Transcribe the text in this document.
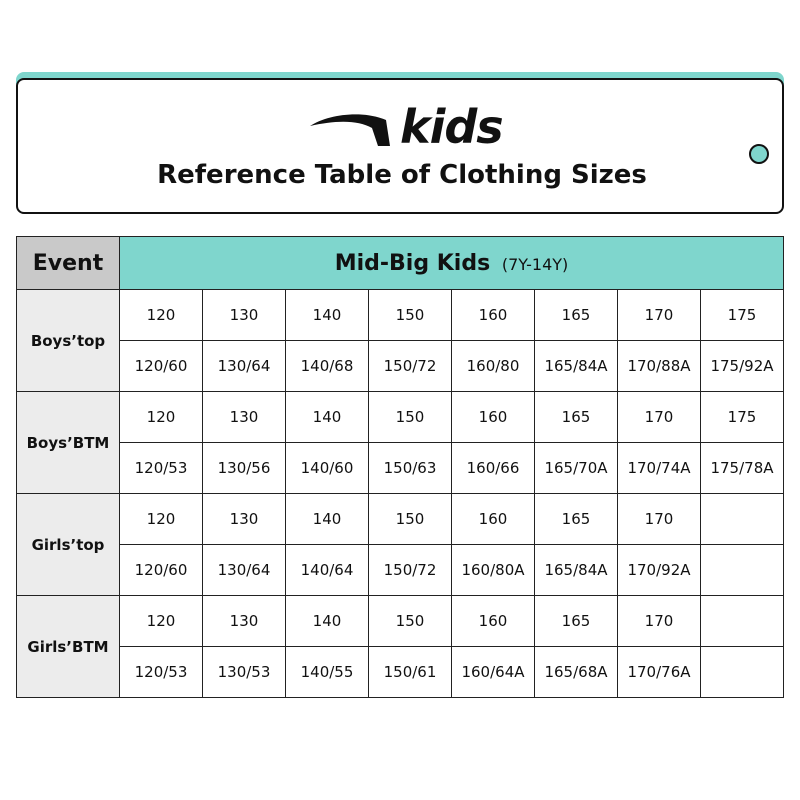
kids
Reference Table of Clothing Sizes
Event	Mid-Big Kids (7Y-14Y)							
Boys’top	120	130	140	150	160	165	170	175
	120/60	130/64	140/68	150/72	160/80	165/84A	170/88A	175/92A
Boys’BTM	120	130	140	150	160	165	170	175
	120/53	130/56	140/60	150/63	160/66	165/70A	170/74A	175/78A
Girls’top	120	130	140	150	160	165	170	
	120/60	130/64	140/64	150/72	160/80A	165/84A	170/92A	
Girls’BTM	120	130	140	150	160	165	170	
	120/53	130/53	140/55	150/61	160/64A	165/68A	170/76A	
